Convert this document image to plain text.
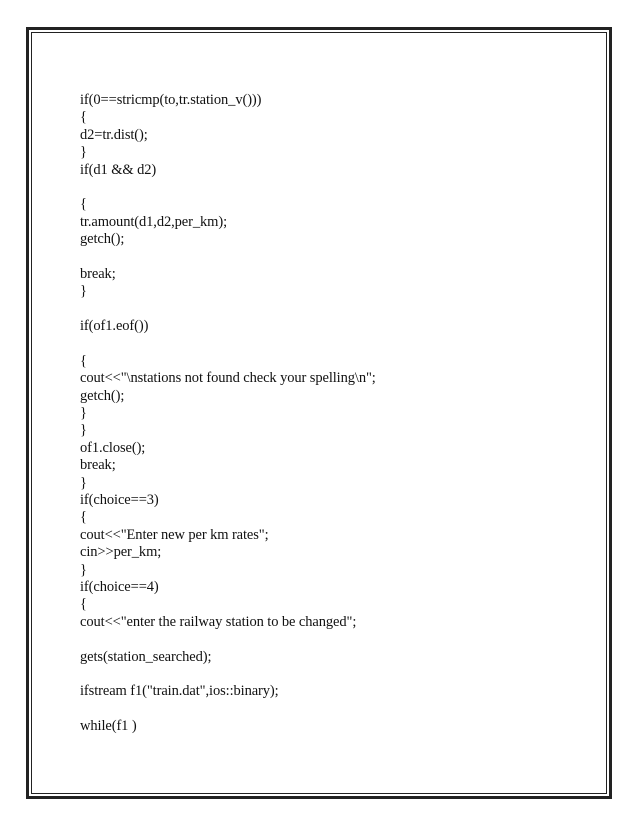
if(0==stricmp(to,tr.station_v()))
{
d2=tr.dist();
}
if(d1 && d2)
{
tr.amount(d1,d2,per_km);
getch();
break;
}
if(of1.eof())
{
cout<<"\nstations not found check your spelling\n";
getch();
}
}
of1.close();
break;
}
if(choice==3)
{
cout<<"Enter new per km rates";
cin>>per_km;
}
if(choice==4)
{
cout<<"enter the railway station to be changed";
gets(station_searched);
ifstream f1("train.dat",ios::binary);
while(f1 )
